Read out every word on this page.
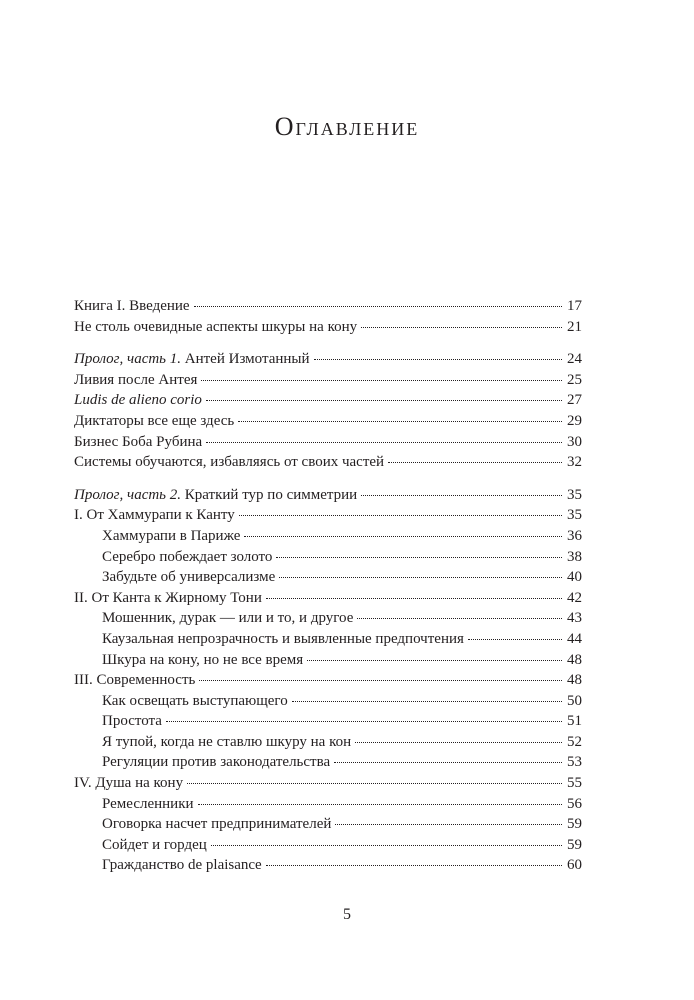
Оглавление
Книга I. Введение	17
Не столь очевидные аспекты шкуры на кону	21
Пролог, часть 1. Антей Измотанный	24
Ливия после Антея	25
Ludis de alieno corio	27
Диктаторы все еще здесь	29
Бизнес Боба Рубина	30
Системы обучаются, избавляясь от своих частей	32
Пролог, часть 2. Краткий тур по симметрии	35
I. От Хаммурапи к Канту	35
Хаммурапи в Париже	36
Серебро побеждает золото	38
Забудьте об универсализме	40
II. От Канта к Жирному Тони	42
Мошенник, дурак — или и то, и другое	43
Каузальная непрозрачность и выявленные предпочтения	44
Шкура на кону, но не все время	48
III. Современность	48
Как освещать выступающего	50
Простота	51
Я тупой, когда не ставлю шкуру на кон	52
Регуляции против законодательства	53
IV. Душа на кону	55
Ремесленники	56
Оговорка насчет предпринимателей	59
Сойдет и гордец	59
Гражданство de plaisance	60
5
